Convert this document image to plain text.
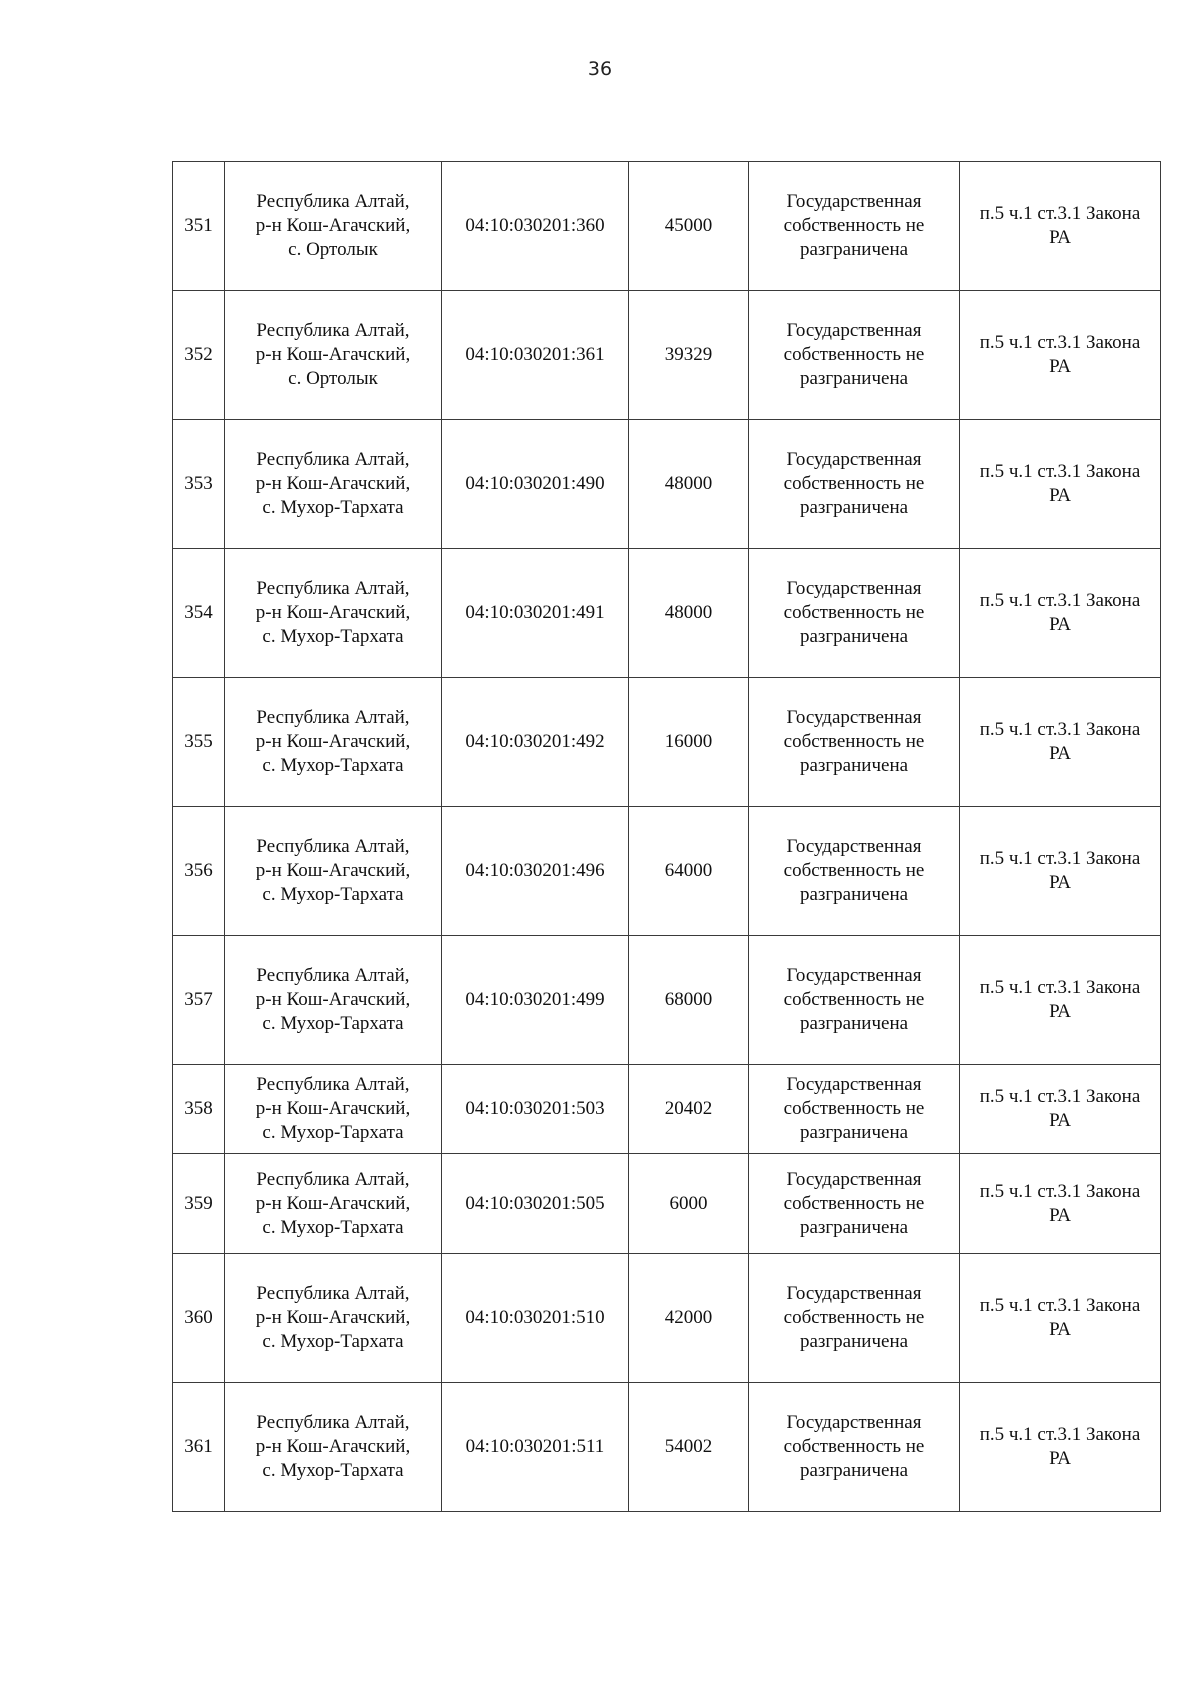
36
351	Республика Алтай,
р-н Кош-Агачский,
с. Ортолык	04:10:030201:360	45000	Государственная
собственность не
разграничена	п.5 ч.1 ст.3.1 Закона
РА

352	Республика Алтай,
р-н Кош-Агачский,
с. Ортолык	04:10:030201:361	39329	Государственная
собственность не
разграничена	п.5 ч.1 ст.3.1 Закона
РА

353	Республика Алтай,
р-н Кош-Агачский,
с. Мухор-Тархата	04:10:030201:490	48000	Государственная
собственность не
разграничена	п.5 ч.1 ст.3.1 Закона
РА

354	Республика Алтай,
р-н Кош-Агачский,
с. Мухор-Тархата	04:10:030201:491	48000	Государственная
собственность не
разграничена	п.5 ч.1 ст.3.1 Закона
РА

355	Республика Алтай,
р-н Кош-Агачский,
с. Мухор-Тархата	04:10:030201:492	16000	Государственная
собственность не
разграничена	п.5 ч.1 ст.3.1 Закона
РА

356	Республика Алтай,
р-н Кош-Агачский,
с. Мухор-Тархата	04:10:030201:496	64000	Государственная
собственность не
разграничена	п.5 ч.1 ст.3.1 Закона
РА

357	Республика Алтай,
р-н Кош-Агачский,
с. Мухор-Тархата	04:10:030201:499	68000	Государственная
собственность не
разграничена	п.5 ч.1 ст.3.1 Закона
РА

358	Республика Алтай,
р-н Кош-Агачский,
с. Мухор-Тархата	04:10:030201:503	20402	Государственная
собственность не
разграничена	п.5 ч.1 ст.3.1 Закона
РА

359	Республика Алтай,
р-н Кош-Агачский,
с. Мухор-Тархата	04:10:030201:505	6000	Государственная
собственность не
разграничена	п.5 ч.1 ст.3.1 Закона
РА

360	Республика Алтай,
р-н Кош-Агачский,
с. Мухор-Тархата	04:10:030201:510	42000	Государственная
собственность не
разграничена	п.5 ч.1 ст.3.1 Закона
РА

361	Республика Алтай,
р-н Кош-Агачский,
с. Мухор-Тархата	04:10:030201:511	54002	Государственная
собственность не
разграничена	п.5 ч.1 ст.3.1 Закона
РА
